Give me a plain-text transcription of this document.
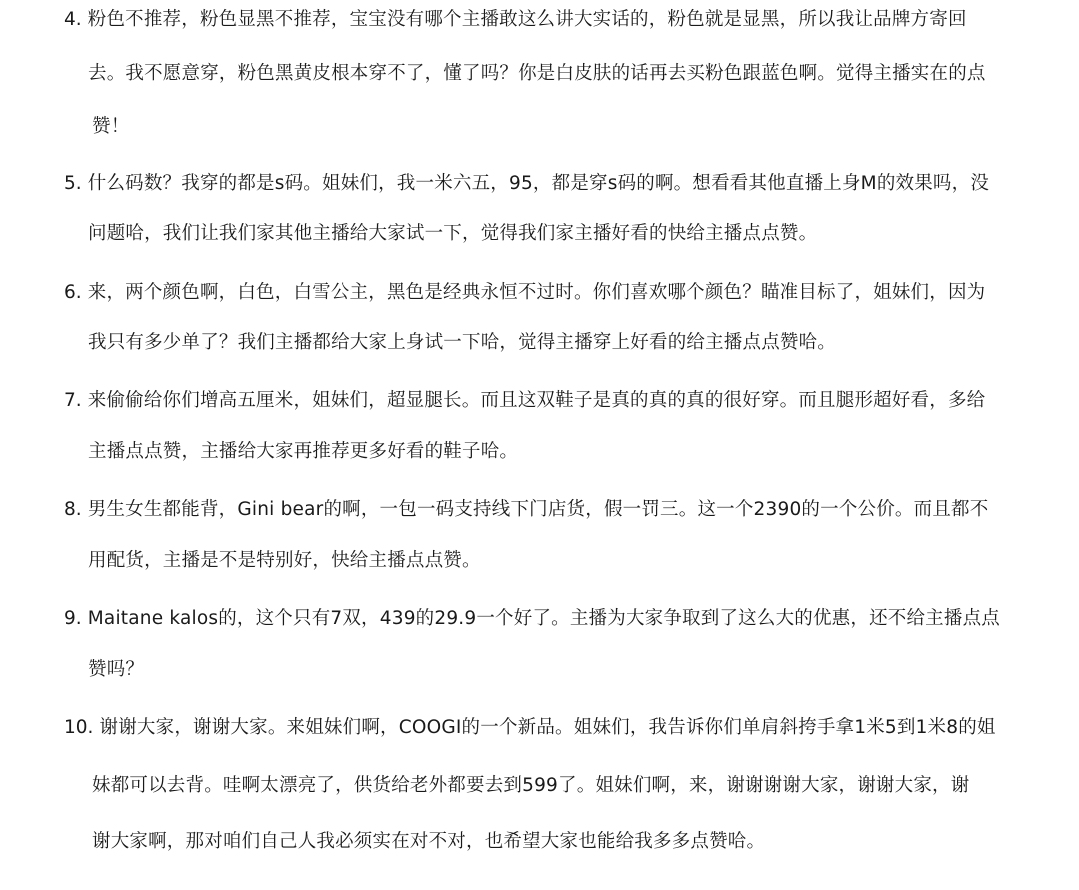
4. 粉色不推荐，粉色显黑不推荐，宝宝没有哪个主播敢这么讲大实话的，粉色就是显黑，所以我让品牌方寄回
去。我不愿意穿，粉色黑黄皮根本穿不了，懂了吗？你是白皮肤的话再去买粉色跟蓝色啊。觉得主播实在的点
赞！
5. 什么码数？我穿的都是s码。姐妹们，我一米六五，95，都是穿s码的啊。想看看其他直播上身M的效果吗，没
问题哈，我们让我们家其他主播给大家试一下，觉得我们家主播好看的快给主播点点赞。
6. 来，两个颜色啊，白色，白雪公主，黑色是经典永恒不过时。你们喜欢哪个颜色？瞄准目标了，姐妹们，因为
我只有多少单了？我们主播都给大家上身试一下哈，觉得主播穿上好看的给主播点点赞哈。
7. 来偷偷给你们增高五厘米，姐妹们，超显腿长。而且这双鞋子是真的真的真的很好穿。而且腿形超好看，多给
主播点点赞，主播给大家再推荐更多好看的鞋子哈。
8. 男生女生都能背，Gini bear的啊，一包一码支持线下门店货，假一罚三。这一个2390的一个公价。而且都不
用配货，主播是不是特别好，快给主播点点赞。
9. Maitane kalos的，这个只有7双，439的29.9一个好了。主播为大家争取到了这么大的优惠，还不给主播点点
赞吗？
10. 谢谢大家，谢谢大家。来姐妹们啊，COOGI的一个新品。姐妹们，我告诉你们单肩斜挎手拿1米5到1米8的姐
妹都可以去背。哇啊太漂亮了，供货给老外都要去到599了。姐妹们啊，来，谢谢谢谢大家，谢谢大家，谢
谢大家啊，那对咱们自己人我必须实在对不对，也希望大家也能给我多多点赞哈。
